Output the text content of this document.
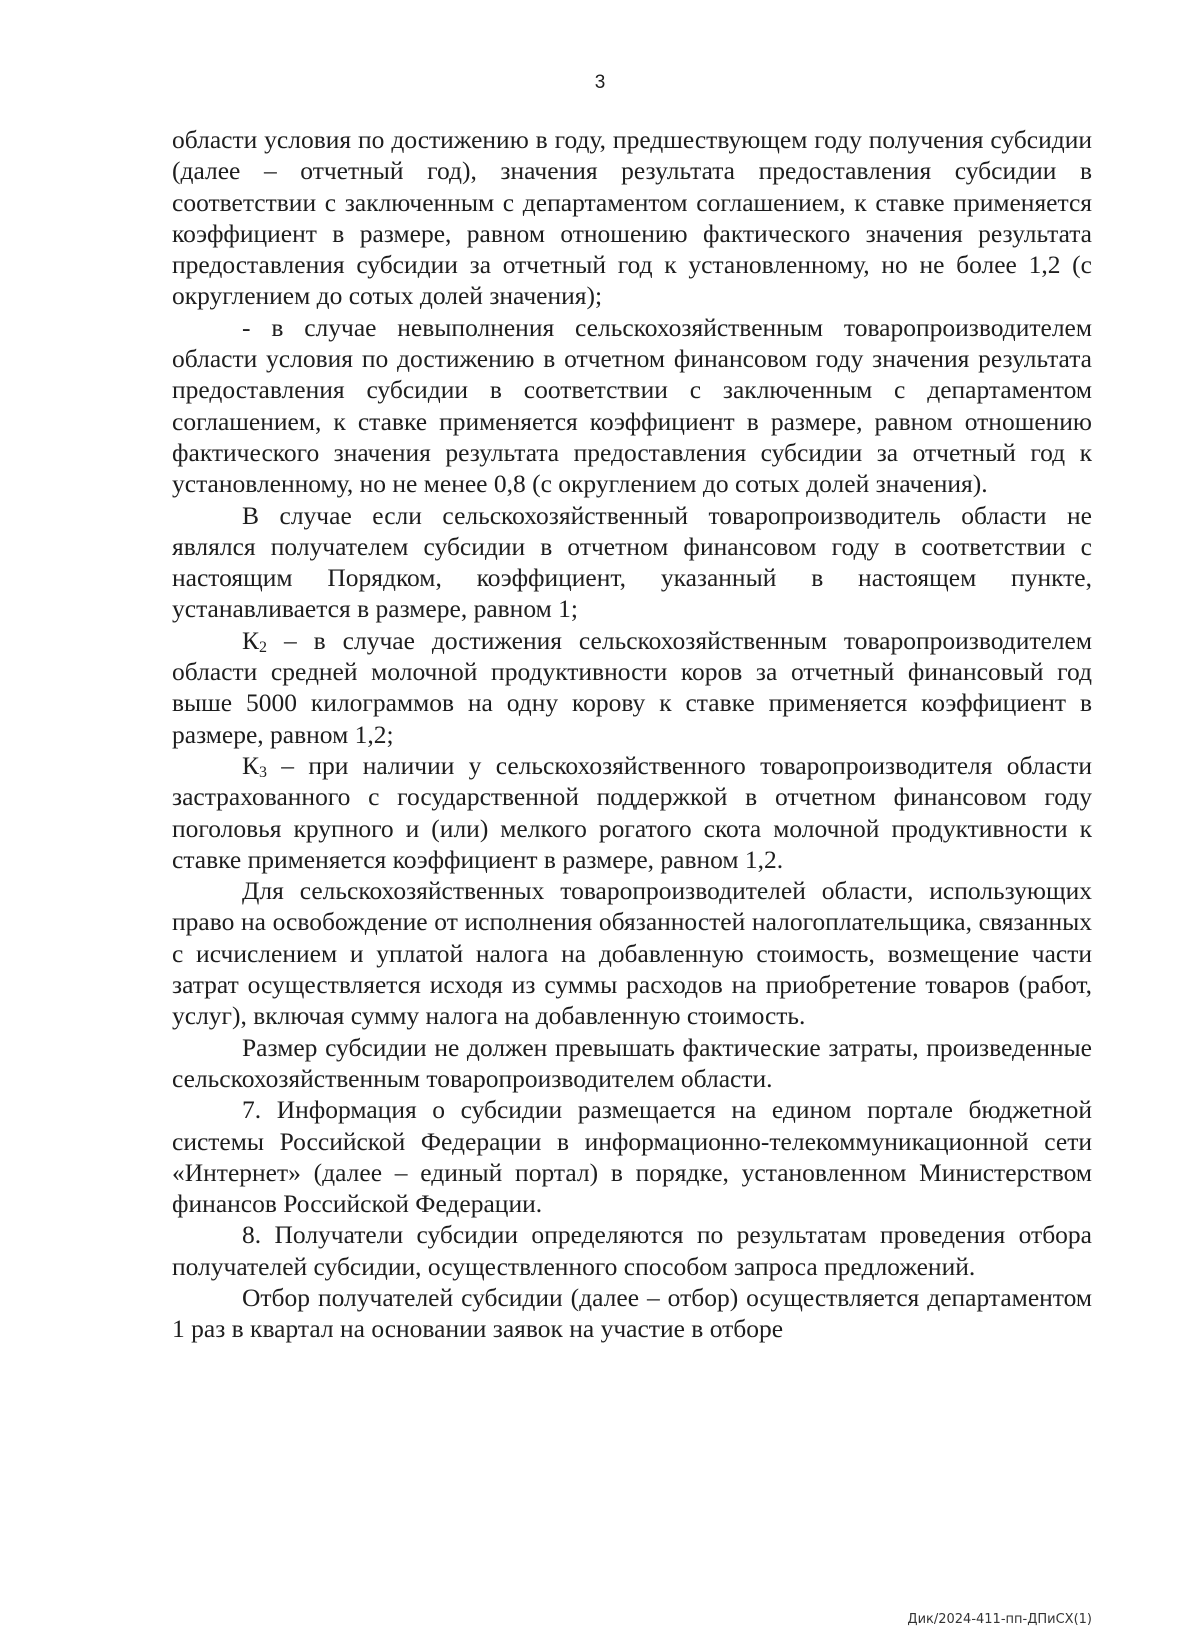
3

области условия по достижению в году, предшествующем году получения субсидии (далее – отчетный год), значения результата предоставления субсидии в соответствии с заключенным с департаментом соглашением, к ставке применяется коэффициент в размере, равном отношению фактического значения результата предоставления субсидии за отчетный год к установленному, но не более 1,2 (с округлением до сотых долей значения);

- в случае невыполнения сельскохозяйственным товаропроизводителем области условия по достижению в отчетном финансовом году значения результата предоставления субсидии в соответствии с заключенным с департаментом соглашением, к ставке применяется коэффициент в размере, равном отношению фактического значения результата предоставления субсидии за отчетный год к установленному, но не менее 0,8 (с округлением до сотых долей значения).

В случае если сельскохозяйственный товаропроизводитель области не являлся получателем субсидии в отчетном финансовом году в соответствии с настоящим Порядком, коэффициент, указанный в настоящем пункте, устанавливается в размере, равном 1;

$К_2$ – в случае достижения сельскохозяйственным товаропроизводителем области средней молочной продуктивности коров за отчетный финансовый год выше 5000 килограммов на одну корову к ставке применяется коэффициент в размере, равном 1,2;

$К_3$ – при наличии у сельскохозяйственного товаропроизводителя области застрахованного с государственной поддержкой в отчетном финансовом году поголовья крупного и (или) мелкого рогатого скота молочной продуктивности к ставке применяется коэффициент в размере, равном 1,2.

Для сельскохозяйственных товаропроизводителей области, использующих право на освобождение от исполнения обязанностей налогоплательщика, связанных с исчислением и уплатой налога на добавленную стоимость, возмещение части затрат осуществляется исходя из суммы расходов на приобретение товаров (работ, услуг), включая сумму налога на добавленную стоимость.

Размер субсидии не должен превышать фактические затраты, произведенные сельскохозяйственным товаропроизводителем области.

7. Информация о субсидии размещается на едином портале бюджетной системы Российской Федерации в информационно-телекоммуникационной сети «Интернет» (далее – единый портал) в порядке, установленном Министерством финансов Российской Федерации.

8. Получатели субсидии определяются по результатам проведения отбора получателей субсидии, осуществленного способом запроса предложений.

Отбор получателей субсидии (далее – отбор) осуществляется департаментом 1 раз в квартал на основании заявок на участие в отборе

Дик/2024-411-пп-ДПиСХ(1)
